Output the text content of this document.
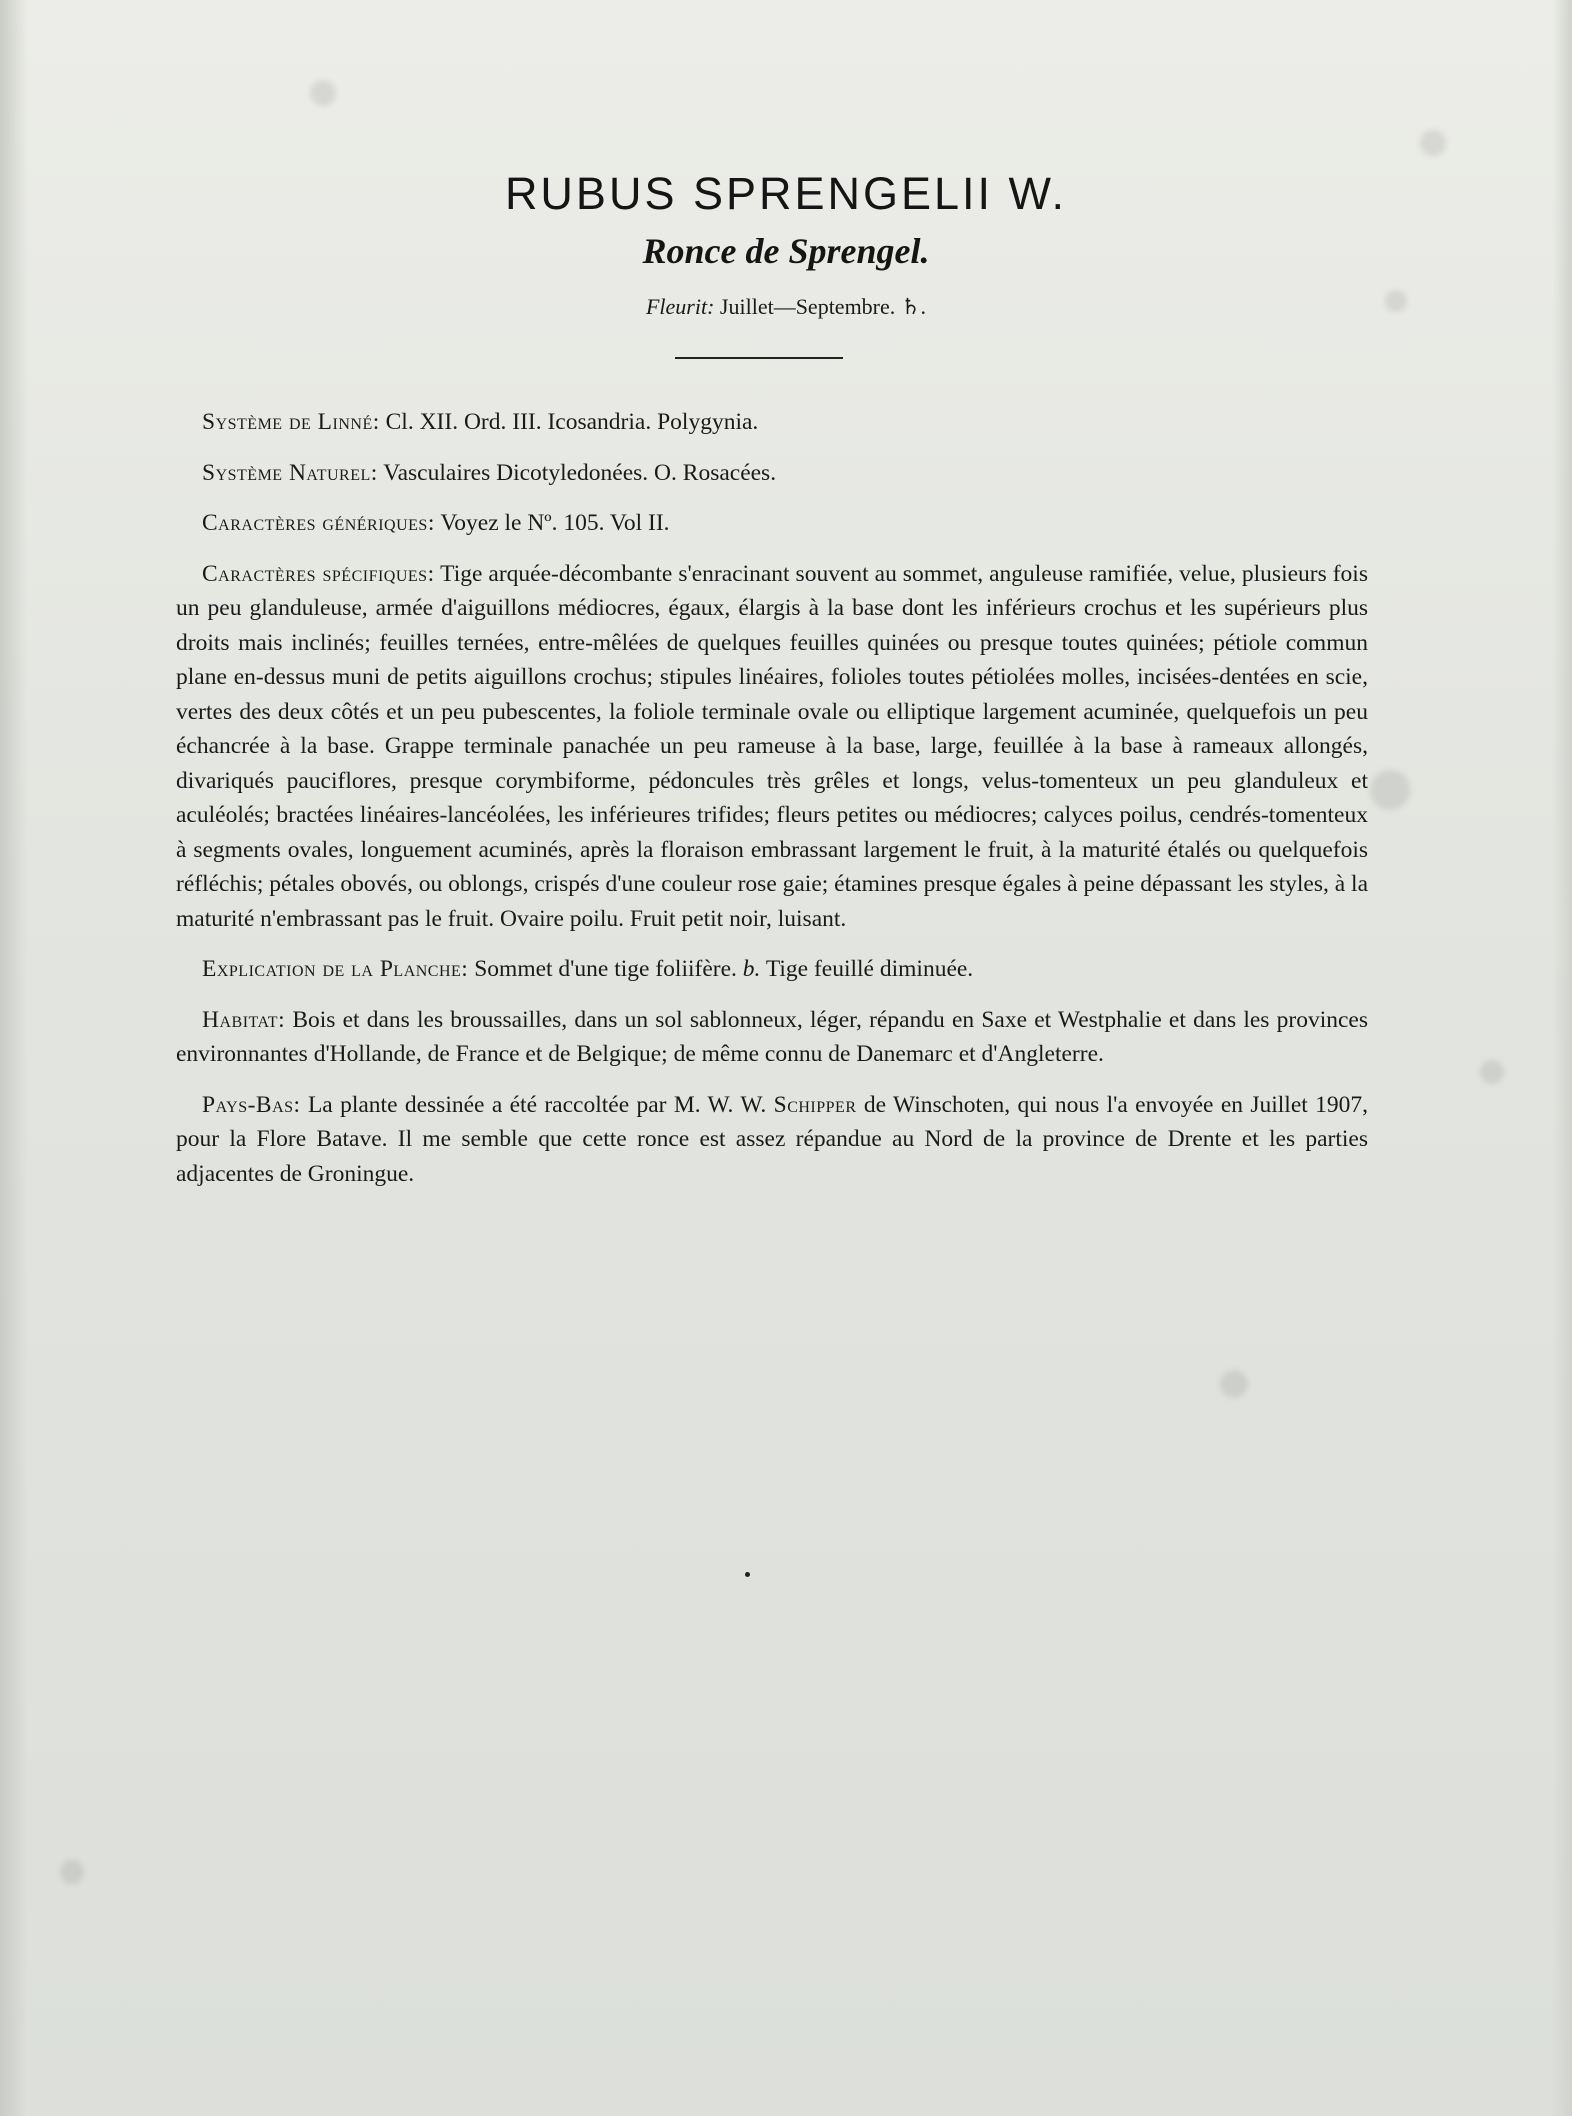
RUBUS SPRENGELII W.
Ronce de Sprengel.
Fleurit: Juillet—Septembre. ♄.

Système de Linné: Cl. XII. Ord. III. Icosandria. Polygynia.

Système Naturel: Vasculaires Dicotyledonées. O. Rosacées.

Caractères génériques: Voyez le Nº. 105. Vol II.

Caractères spécifiques: Tige arquée-décombante s'enracinant souvent au sommet, anguleuse ramifiée, velue, plusieurs fois un peu glanduleuse, armée d'aiguillons médiocres, égaux, élargis à la base dont les inférieurs crochus et les supérieurs plus droits mais inclinés; feuilles ternées, entre-mêlées de quelques feuilles quinées ou presque toutes quinées; pétiole commun plane en-dessus muni de petits aiguillons crochus; stipules linéaires, folioles toutes pétiolées molles, incisées-dentées en scie, vertes des deux côtés et un peu pubescentes, la foliole terminale ovale ou elliptique largement acuminée, quelquefois un peu échancrée à la base. Grappe terminale panachée un peu rameuse à la base, large, feuillée à la base à rameaux allongés, divariqués pauciflores, presque corymbiforme, pédoncules très grêles et longs, velus-tomenteux un peu glanduleux et aculéolés; bractées linéaires-lancéolées, les inférieures trifides; fleurs petites ou médiocres; calyces poilus, cendrés-tomenteux à segments ovales, longuement acuminés, après la floraison embrassant largement le fruit, à la maturité étalés ou quelquefois réfléchis; pétales obovés, ou oblongs, crispés d'une couleur rose gaie; étamines presque égales à peine dépassant les styles, à la maturité n'embrassant pas le fruit. Ovaire poilu. Fruit petit noir, luisant.

Explication de la Planche: Sommet d'une tige foliifère. b. Tige feuillé diminuée.

Habitat: Bois et dans les broussailles, dans un sol sablonneux, léger, répandu en Saxe et Westphalie et dans les provinces environnantes d'Hollande, de France et de Belgique; de même connu de Danemarc et d'Angleterre.

Pays-Bas: La plante dessinée a été raccoltée par M. W. W. Schipper de Winschoten, qui nous l'a envoyée en Juillet 1907, pour la Flore Batave. Il me semble que cette ronce est assez répandue au Nord de la province de Drente et les parties adjacentes de Groningue.
